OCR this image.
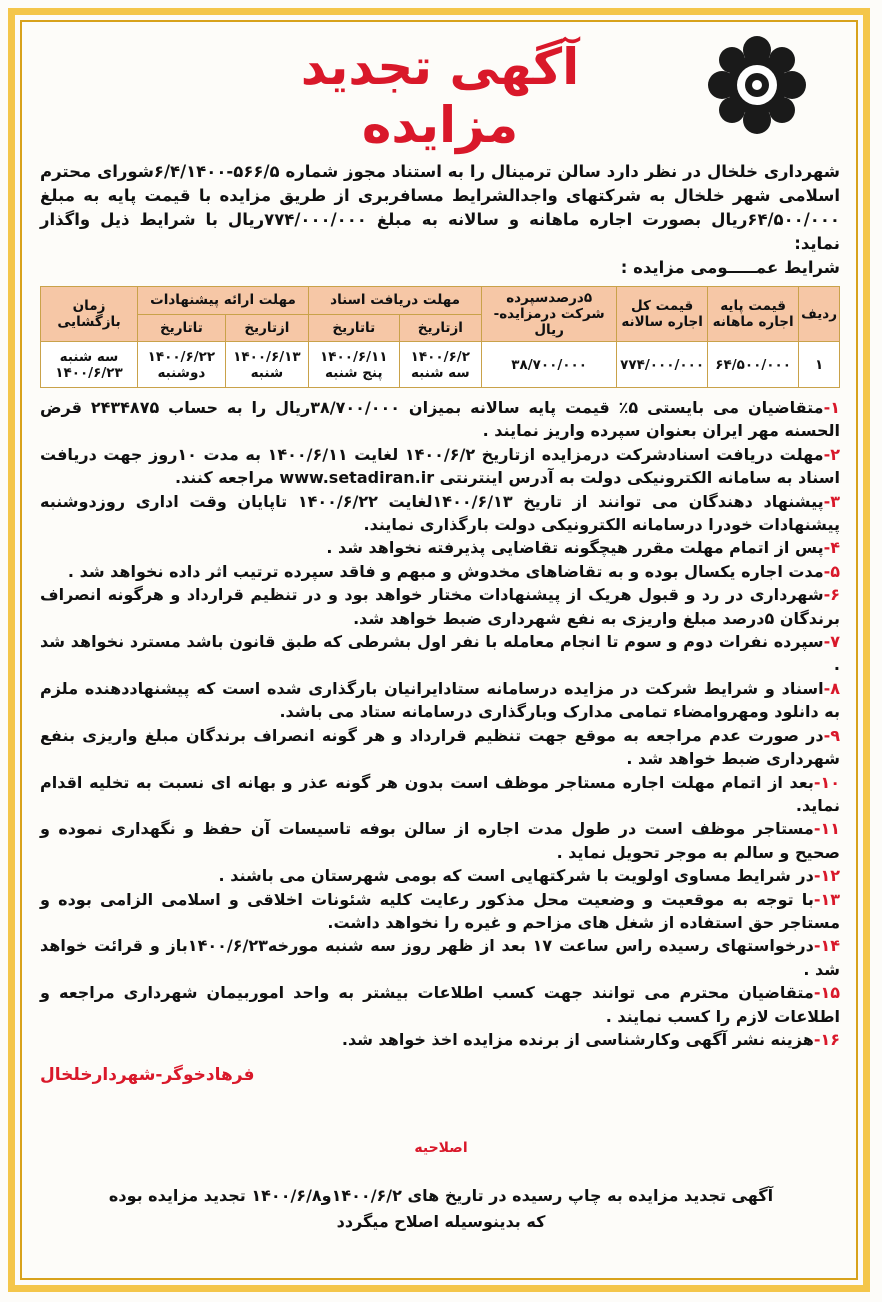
آگهی تجدید مزایده
شهرداری خلخال در نظر دارد سالن ترمینال را به استناد مجوز شماره ۵۶۶/۵-۶/۴/۱۴۰۰شورای محترم اسلامی شهر خلخال به شرکتهای واجدالشرایط مسافربری از طریق مزایده با قیمت پایه به مبلغ ۶۴/۵۰۰/۰۰۰ریال بصورت اجاره ماهانه و سالانه به مبلغ ۷۷۴/۰۰۰/۰۰۰ریال با شرایط ذیل واگذار نماید:
شرایط عمـــــومی مزایده :
ردیف	قیمت پایه اجاره ماهانه	قیمت کل اجاره سالانه	۵درصدسپرده شرکت درمزایده-ریال	مهلت دریافت اسناد		مهلت ارائه پیشنهادات		زمان بازگشایی
				ازتاریخ	تاتاریخ	ازتاریخ	تاتاریخ	
۱	۶۴/۵۰۰/۰۰۰	۷۷۴/۰۰۰/۰۰۰	۳۸/۷۰۰/۰۰۰	۱۴۰۰/۶/۲ سه شنبه	۱۴۰۰/۶/۱۱ پنج شنبه	۱۴۰۰/۶/۱۳ شنبه	۱۴۰۰/۶/۲۲ دوشنبه	سه شنبه ۱۴۰۰/۶/۲۳

۱-متقاضیان می بایستی ۵٪ قیمت پایه سالانه بمیزان ۳۸/۷۰۰/۰۰۰ریال را به حساب ۲۴۳۴۸۷۵ قرض الحسنه مهر ایران بعنوان سپرده واریز نمایند .

۲-مهلت دریافت اسنادشرکت درمزایده ازتاریخ ۱۴۰۰/۶/۲ لغایت ۱۴۰۰/۶/۱۱ به مدت ۱۰روز جهت دریافت اسناد به سامانه الکترونیکی دولت به آدرس اینترنتی www.setadiran.ir مراجعه کنند.

۳-پیشنهاد دهندگان می توانند از تاریخ ۱۴۰۰/۶/۱۳لغایت ۱۴۰۰/۶/۲۲ تاپایان وقت اداری روزدوشنبه پیشنهادات خودرا درسامانه الکترونیکی دولت بارگذاری نمایند.

۴-پس از اتمام مهلت مقرر هیچگونه تقاضایی پذیرفته نخواهد شد .

۵-مدت اجاره یکسال بوده و به تقاضاهای مخدوش و مبهم و فاقد سپرده ترتیب اثر داده نخواهد شد .

۶-شهرداری در رد و قبول هریک از پیشنهادات مختار خواهد بود و در تنظیم قرارداد و هرگونه انصراف برندگان ۵درصد مبلغ واریزی به نفع شهرداری ضبط خواهد شد.

۷-سپرده نفرات دوم و سوم تا انجام معامله با نفر اول بشرطی که طبق قانون باشد مسترد نخواهد شد .

۸-اسناد و شرایط شرکت در مزایده درسامانه ستادایرانیان بارگذاری شده است که پیشنهاددهنده ملزم به دانلود ومهروامضاء تمامی مدارک وبارگذاری درسامانه ستاد می باشد.

۹-در صورت عدم مراجعه به موقع جهت تنظیم قرارداد و هر گونه انصراف برندگان مبلغ واریزی بنفع شهرداری ضبط خواهد شد .

۱۰-بعد از اتمام مهلت اجاره مستاجر موظف است بدون هر گونه عذر و بهانه ای نسبت به تخلیه اقدام نماید.

۱۱-مستاجر موظف است در طول مدت اجاره از سالن بوفه تاسیسات آن حفظ و نگهداری نموده و صحیح و سالم به موجر تحویل نماید .

۱۲-در شرایط مساوی اولویت با شرکتهایی است که بومی شهرستان می باشند .

۱۳-با توجه به موقعیت و وضعیت محل مذکور رعایت کلیه شئونات اخلاقی و اسلامی الزامی بوده و مستاجر حق استفاده از شغل های مزاحم و غیره را نخواهد داشت.

۱۴-درخواستهای رسیده راس ساعت ۱۷ بعد از ظهر روز سه شنبه مورخه۱۴۰۰/۶/۲۳باز و قرائت خواهد شد .

۱۵-متقاضیان محترم می توانند جهت کسب اطلاعات بیشتر به واحد اموربیمان شهرداری مراجعه و اطلاعات لازم را کسب نمایند .

۱۶-هزینه نشر آگهی وکارشناسی از برنده مزایده اخذ خواهد شد.

فرهادخوگر-شهردارخلخال
اصلاحیه
آگهی تجدید مزایده به چاپ رسیده در تاریخ های ۱۴۰۰/۶/۲و۱۴۰۰/۶/۸ تجدید مزایده بوده که بدینوسیله اصلاح میگردد
